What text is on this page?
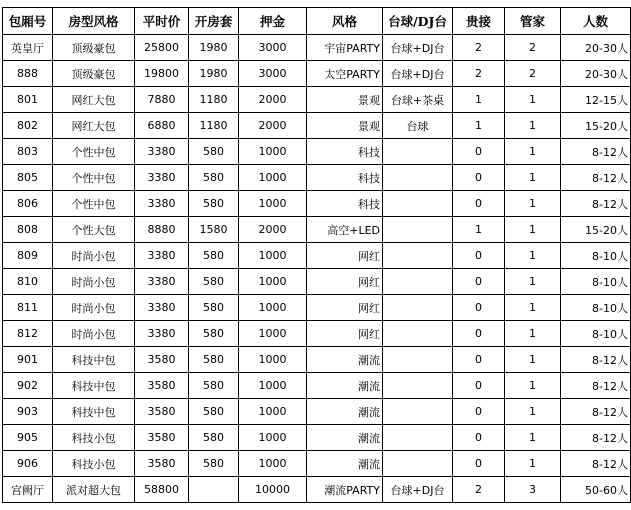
包厢号	房型风格	平时价	开房套	押金	风格	台球/DJ台	贵接	管家	人数
英皇厅	顶级豪包	25800	1980	3000	宇宙PARTY	台球+DJ台	2	2	20-30人
888	顶级豪包	19800	1980	3000	太空PARTY	台球+DJ台	2	2	20-30人
801	网红大包	7880	1180	2000	景观	台球+茶桌	1	1	12-15人
802	网红大包	6880	1180	2000	景观	台球	1	1	15-20人
803	个性中包	3380	580	1000	科技		0	1	8-12人
805	个性中包	3380	580	1000	科技		0	1	8-12人
806	个性中包	3380	580	1000	科技		0	1	8-12人
808	个性大包	8880	1580	2000	高空+LED		1	1	15-20人
809	时尚小包	3380	580	1000	网红		0	1	8-10人
810	时尚小包	3380	580	1000	网红		0	1	8-10人
811	时尚小包	3380	580	1000	网红		0	1	8-10人
812	时尚小包	3380	580	1000	网红		0	1	8-10人
901	科技中包	3580	580	1000	潮流		0	1	8-12人
902	科技中包	3580	580	1000	潮流		0	1	8-12人
903	科技中包	3580	580	1000	潮流		0	1	8-12人
905	科技小包	3580	580	1000	潮流		0	1	8-12人
906	科技小包	3580	580	1000	潮流		0	1	8-12人
宫阙厅	派对超大包	58800		10000	潮流PARTY	台球+DJ台	2	3	50-60人
